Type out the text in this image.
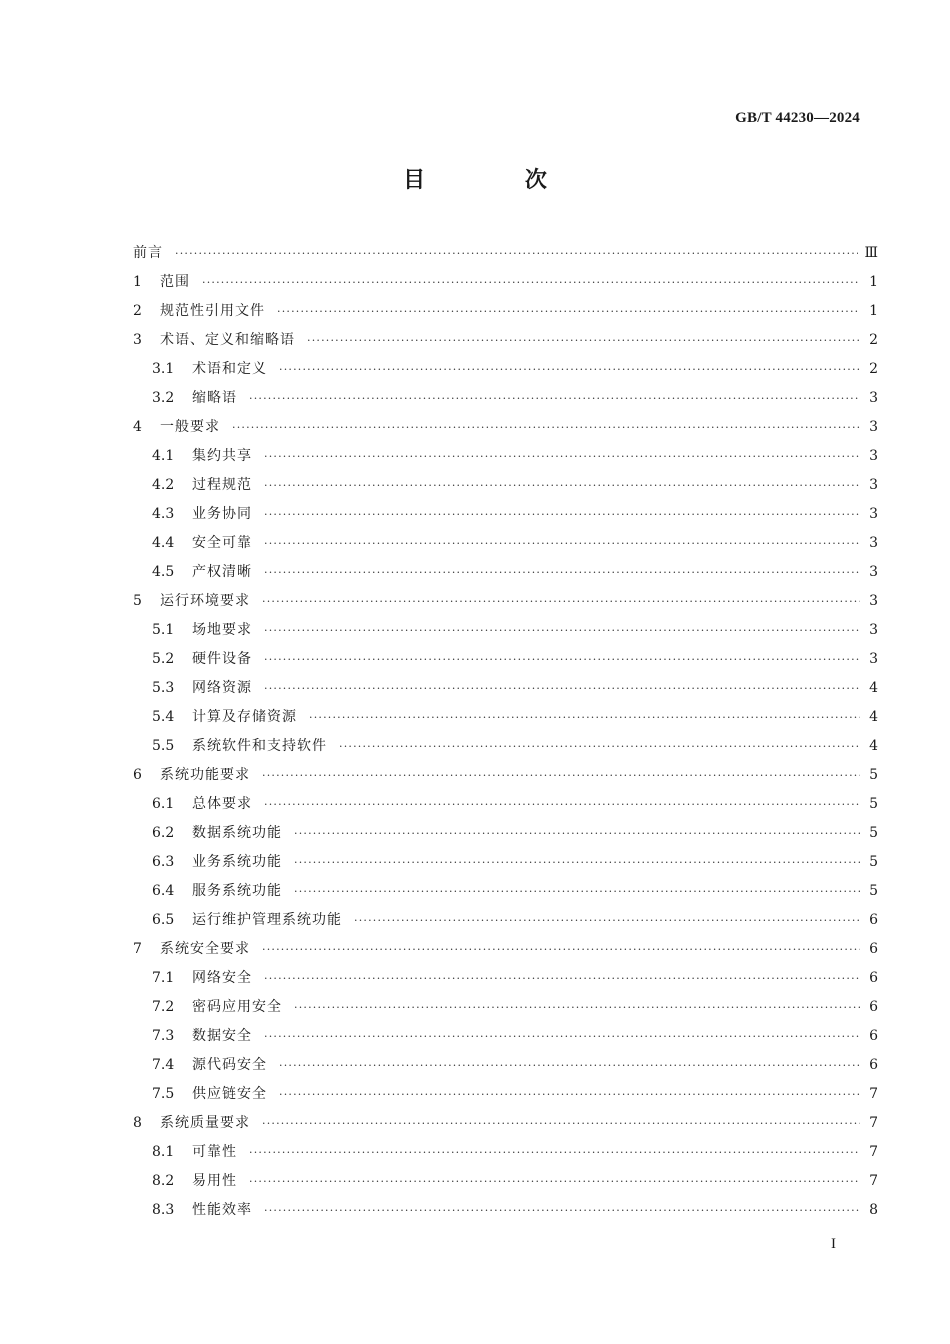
GB/T 44230—2024
目 次
前言 ·····	Ⅲ
1	范围 ·····	1
2	规范性引用文件 ·····	1
3	术语、定义和缩略语 ·····	2
3.1	术语和定义 ·····	2
3.2	缩略语 ·····	3
4	一般要求 ·····	3
4.1	集约共享 ·····	3
4.2	过程规范 ·····	3
4.3	业务协同 ·····	3
4.4	安全可靠 ·····	3
4.5	产权清晰 ·····	3
5	运行环境要求 ·····	3
5.1	场地要求 ·····	3
5.2	硬件设备 ·····	3
5.3	网络资源 ·····	4
5.4	计算及存储资源 ·····	4
5.5	系统软件和支持软件 ·····	4
6	系统功能要求 ·····	5
6.1	总体要求 ·····	5
6.2	数据系统功能 ·····	5
6.3	业务系统功能 ·····	5
6.4	服务系统功能 ·····	5
6.5	运行维护管理系统功能 ·····	6
7	系统安全要求 ·····	6
7.1	网络安全 ·····	6
7.2	密码应用安全 ·····	6
7.3	数据安全 ·····	6
7.4	源代码安全 ·····	6
7.5	供应链安全 ·····	7
8	系统质量要求 ·····	7
8.1	可靠性 ·····	7
8.2	易用性 ·····	7
8.3	性能效率 ·····	8
I
